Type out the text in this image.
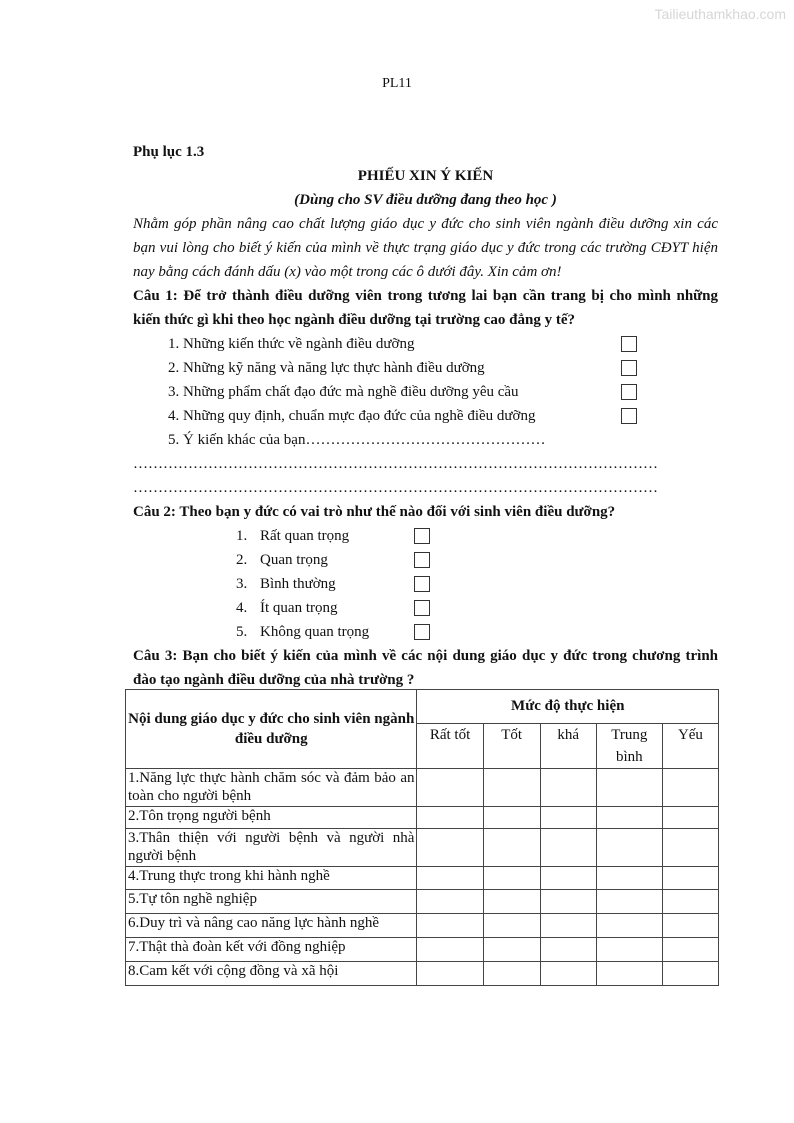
Tailieuthamkhao.com
PL11

Phụ lục 1.3

PHIẾU XIN Ý KIẾN

(Dùng cho SV điều dưỡng đang theo học )

Nhằm góp phần nâng cao chất lượng giáo dục y đức cho sinh viên ngành điều dưỡng xin các bạn vui lòng cho biết ý kiến của mình về thực trạng giáo dục y đức trong các trường CĐYT hiện nay bằng cách đánh dấu (x) vào một trong các ô dưới đây. Xin cảm ơn!

Câu 1: Để trở thành điều dưỡng viên trong tương lai bạn cần trang bị cho mình những kiến thức gì khi theo học ngành điều dưỡng tại trường cao đẳng y tế?

1. Những kiến thức về ngành điều dưỡng
2. Những kỹ năng và năng lực thực hành điều dưỡng
3. Những phẩm chất đạo đức mà nghề điều dưỡng yêu cầu
4. Những quy định, chuẩn mực đạo đức của nghề điều dưỡng
5. Ý kiến khác của bạn…………………………………………
……………………………………………………………………………………………
……………………………………………………………………………………………

Câu 2: Theo bạn y đức có vai trò như thế nào đối với sinh viên điều dưỡng?

1. Rất quan trọng
2. Quan trọng
3. Bình thường
4. Ít quan trọng
5. Không quan trọng

Câu 3: Bạn cho biết ý kiến của mình về các nội dung giáo dục y đức trong chương trình đào tạo ngành điều dưỡng của nhà trường ?

Nội dung giáo dục y đức cho sinh viên ngành điều dưỡng	Mức độ thực hiện				
	Rất tốt	Tốt	khá	Trung bình	Yếu
1.Năng lực thực hành chăm sóc và đảm bảo an toàn cho người bệnh					
2.Tôn trọng người bệnh					
3.Thân thiện với người bệnh và người nhà người bệnh					
4.Trung thực trong khi hành nghề					
5.Tự tôn nghề nghiệp					
6.Duy trì và nâng cao năng lực hành nghề					
7.Thật thà đoàn kết với đồng nghiệp					
8.Cam kết với cộng đồng và xã hội					
